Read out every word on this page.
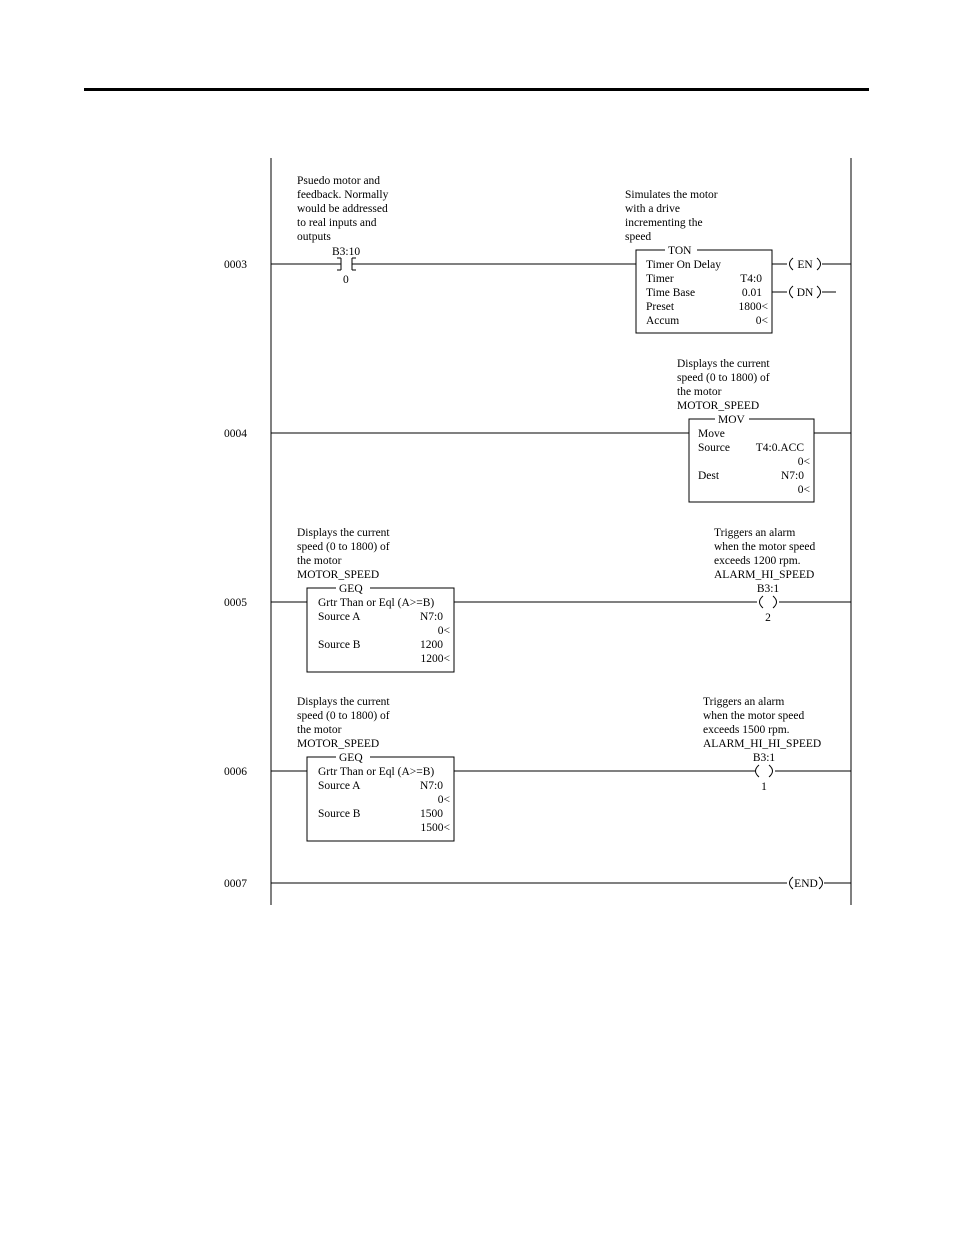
0003
Psuedo motor and
feedback. Normally
would be addressed
to real inputs and
outputs
B3:10
0
Simulates the motor
with a drive
incrementing the
speed
TON
Timer On Delay
Timer	T4:0
Time Base	0.01
Preset	1800<
Accum	0<
EN
DN
0004
Displays the current
speed (0 to 1800) of
the motor
MOTOR_SPEED
MOV
Move
Source T4:0.ACC
0<
Dest	N7:0
0<
0005
Displays the current
speed (0 to 1800) of
the motor
MOTOR_SPEED
GEQ
Grtr Than or Eql (A>=B)
Source A	N7:0
0<
Source B	1200
1200<
Triggers an alarm
when the motor speed
exceeds 1200 rpm.
ALARM_HI_SPEED
B3:1
2
0006
Displays the current
speed (0 to 1800) of
the motor
MOTOR_SPEED
GEQ
Grtr Than or Eql (A>=B)
Source A	N7:0
0<
Source B	1500
1500<
Triggers an alarm
when the motor speed
exceeds 1500 rpm.
ALARM_HI_HI_SPEED
B3:1
1
0007	END
